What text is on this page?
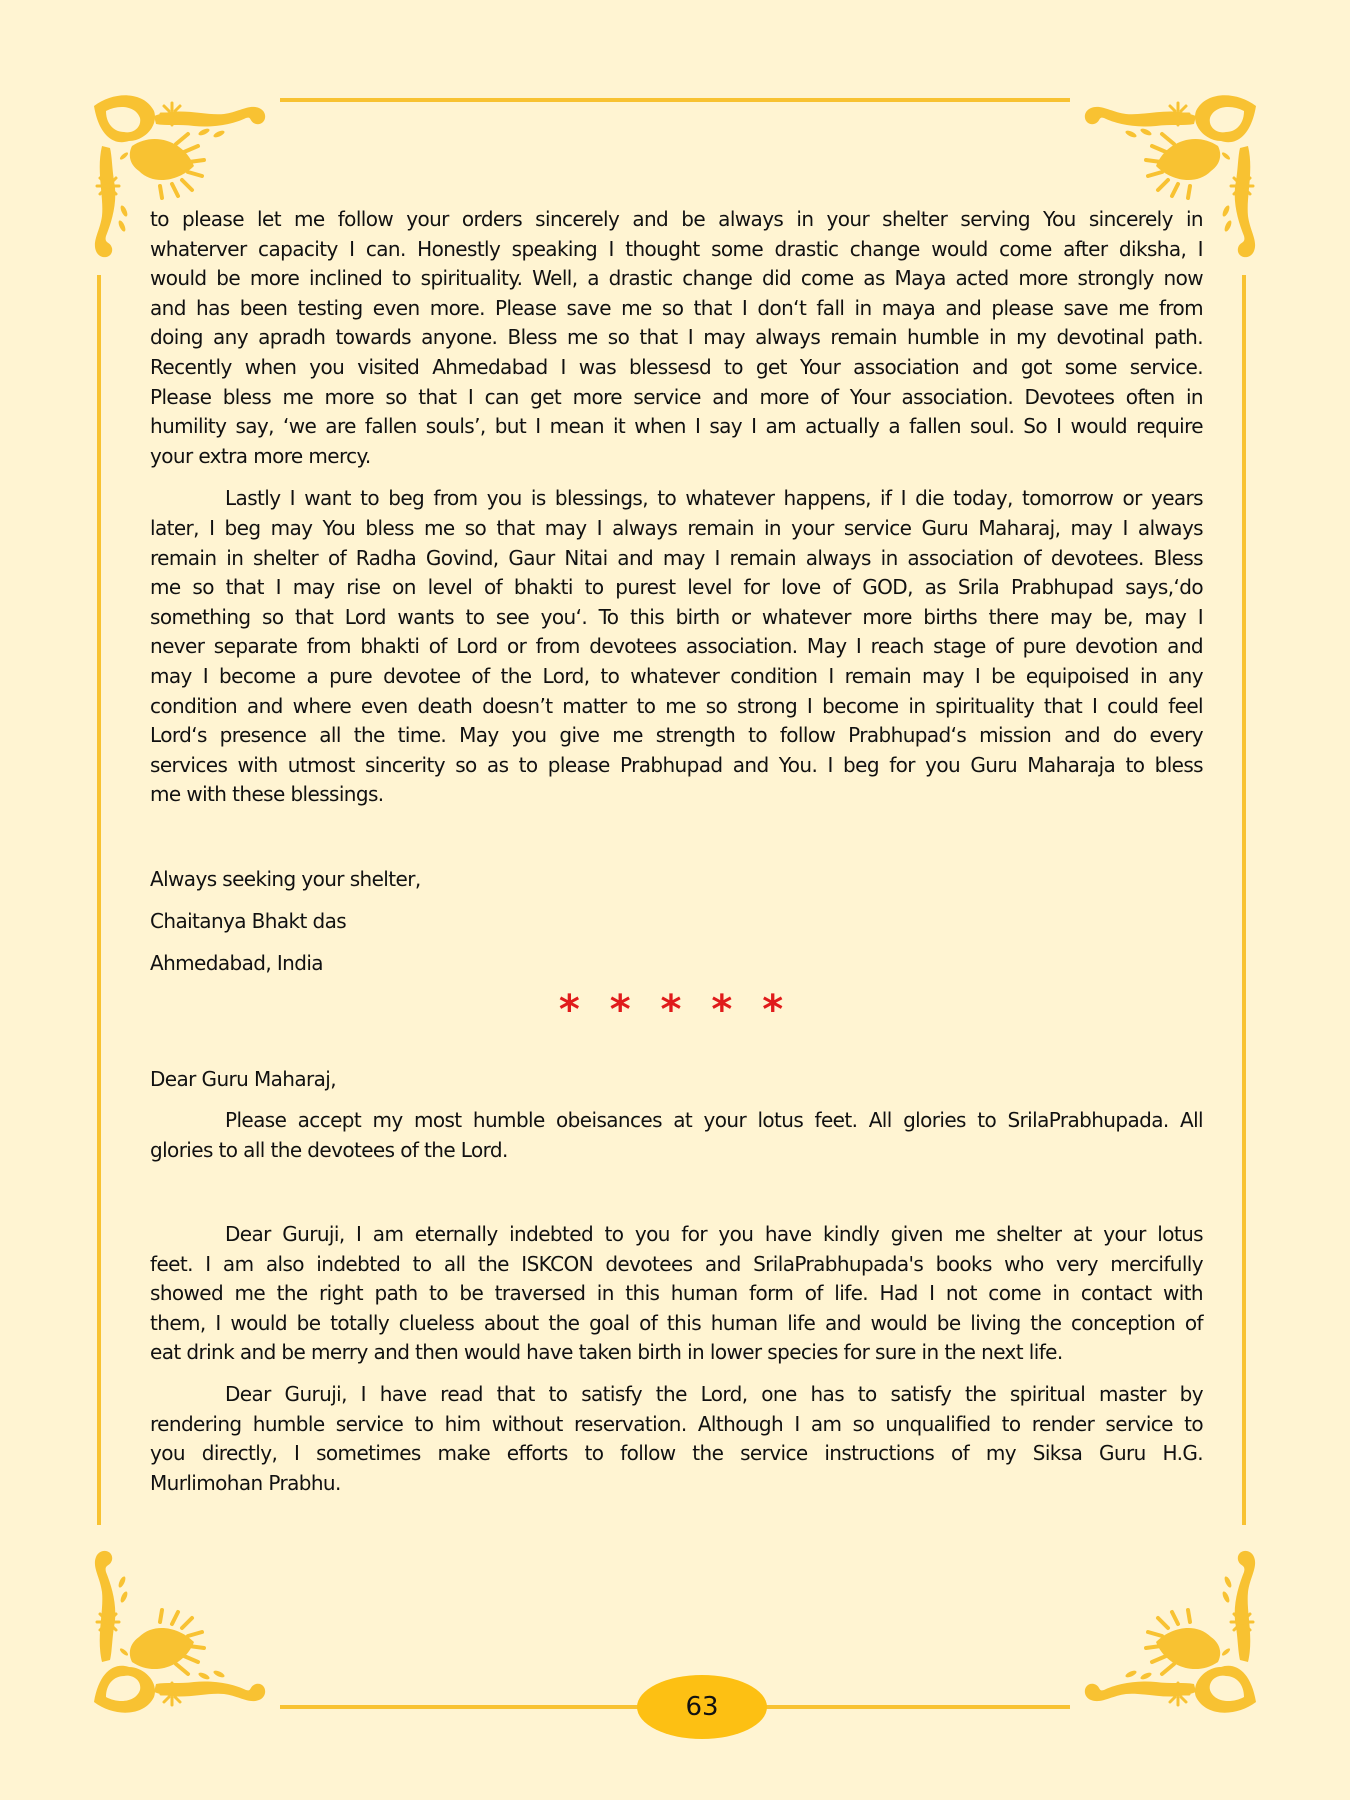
to please let me follow your orders sincerely and be always in your shelter serving You sincerely in
whaterver capacity I can. Honestly speaking I thought some drastic change would come after diksha, I
would be more inclined to spirituality. Well, a drastic change did come as Maya acted more strongly now
and has been testing even more. Please save me so that I don‘t fall in maya and please save me from
doing any apradh towards anyone. Bless me so that I may always remain humble in my devotinal path.
Recently when you visited Ahmedabad I was blessesd to get Your association and got some service.
Please bless me more so that I can get more service and more of Your association. Devotees often in
humility say, ‘we are fallen souls’, but I mean it when I say I am actually a fallen soul. So I would require
your extra more mercy.
Lastly I want to beg from you is blessings, to whatever happens, if I die today, tomorrow or years
later, I beg may You bless me so that may I always remain in your service Guru Maharaj, may I always
remain in shelter of Radha Govind, Gaur Nitai and may I remain always in association of devotees. Bless
me so that I may rise on level of bhakti to purest level for love of GOD, as Srila Prabhupad says,‘do
something so that Lord wants to see you‘. To this birth or whatever more births there may be, may I
never separate from bhakti of Lord or from devotees association. May I reach stage of pure devotion and
may I become a pure devotee of the Lord, to whatever condition I remain may I be equipoised in any
condition and where even death doesn’t matter to me so strong I become in spirituality that I could feel
Lord‘s presence all the time. May you give me strength to follow Prabhupad‘s mission and do every
services with utmost sincerity so as to please Prabhupad and You. I beg for you Guru Maharaja to bless
me with these blessings.
Always seeking your shelter,
Chaitanya Bhakt das
Ahmedabad, India
* * * * *
Dear Guru Maharaj,
Please accept my most humble obeisances at your lotus feet. All glories to SrilaPrabhupada. All
glories to all the devotees of the Lord.
Dear Guruji, I am eternally indebted to you for you have kindly given me shelter at your lotus
feet. I am also indebted to all the ISKCON devotees and SrilaPrabhupada's books who very mercifully
showed me the right path to be traversed in this human form of life. Had I not come in contact with
them, I would be totally clueless about the goal of this human life and would be living the conception of
eat drink and be merry and then would have taken birth in lower species for sure in the next life.
Dear Guruji, I have read that to satisfy the Lord, one has to satisfy the spiritual master by
rendering humble service to him without reservation. Although I am so unqualified to render service to
you directly, I sometimes make efforts to follow the service instructions of my Siksa Guru H.G.
Murlimohan Prabhu.
63
